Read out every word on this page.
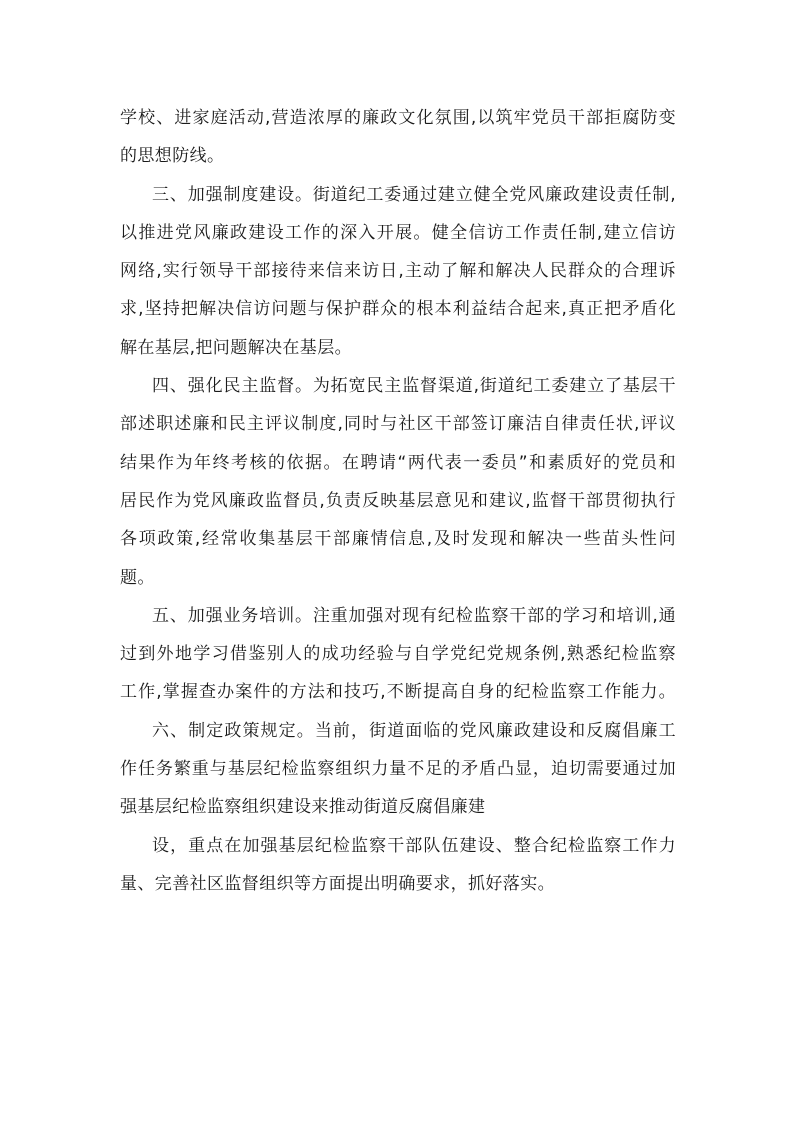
学校、进家庭活动,营造浓厚的廉政文化氛围,以筑牢党员干部拒腐防变
的思想防线。
三、加强制度建设。街道纪工委通过建立健全党风廉政建设责任制,
以推进党风廉政建设工作的深入开展。健全信访工作责任制,建立信访
网络,实行领导干部接待来信来访日,主动了解和解决人民群众的合理诉
求,坚持把解决信访问题与保护群众的根本利益结合起来,真正把矛盾化
解在基层,把问题解决在基层。
四、强化民主监督。为拓宽民主监督渠道,街道纪工委建立了基层干
部述职述廉和民主评议制度,同时与社区干部签订廉洁自律责任状,评议
结果作为年终考核的依据。在聘请“两代表一委员”和素质好的党员和
居民作为党风廉政监督员,负责反映基层意见和建议,监督干部贯彻执行
各项政策,经常收集基层干部廉情信息,及时发现和解决一些苗头性问
题。
五、加强业务培训。注重加强对现有纪检监察干部的学习和培训,通
过到外地学习借鉴别人的成功经验与自学党纪党规条例,熟悉纪检监察
工作,掌握查办案件的方法和技巧,不断提高自身的纪检监察工作能力。
六、制定政策规定。当前，街道面临的党风廉政建设和反腐倡廉工
作任务繁重与基层纪检监察组织力量不足的矛盾凸显，迫切需要通过加
强基层纪检监察组织建设来推动街道反腐倡廉建
设，重点在加强基层纪检监察干部队伍建设、整合纪检监察工作力
量、完善社区监督组织等方面提出明确要求，抓好落实。
